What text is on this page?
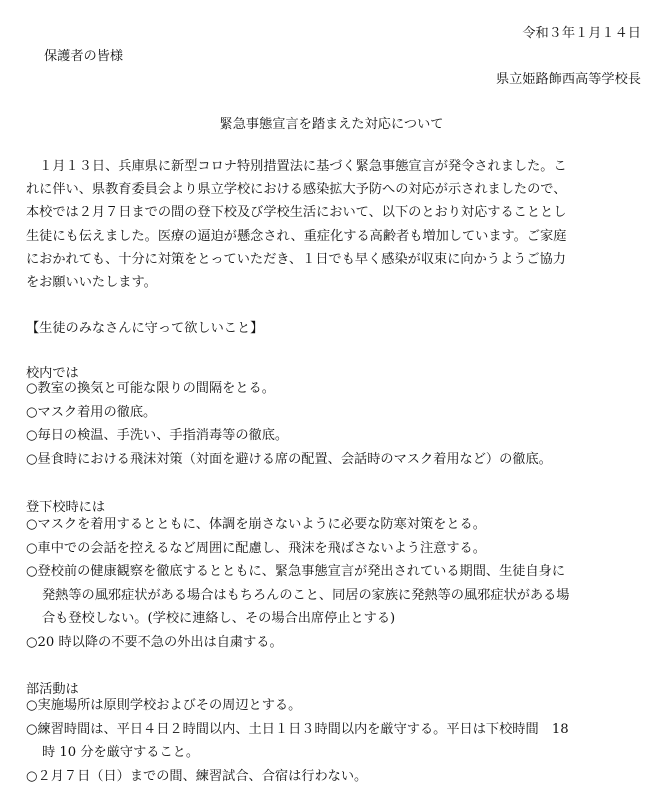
令和３年１月１４日
保護者の皆様
県立姫路飾西高等学校長
緊急事態宣言を踏まえた対応について
　１月１３日、兵庫県に新型コロナ特別措置法に基づく緊急事態宣言が発令されました。こ
れに伴い、県教育委員会より県立学校における感染拡大予防への対応が示されましたので、
本校では２月７日までの間の登下校及び学校生活において、以下のとおり対応することとし
生徒にも伝えました。医療の逼迫が懸念され、重症化する高齢者も増加しています。ご家庭
におかれても、十分に対策をとっていただき、１日でも早く感染が収束に向かうようご協力
をお願いいたします。
【生徒のみなさんに守って欲しいこと】
校内では
○教室の換気と可能な限りの間隔をとる。
○マスク着用の徹底。
○毎日の検温、手洗い、手指消毒等の徹底。
○昼食時における飛沫対策（対面を避ける席の配置、会話時のマスク着用など）の徹底。
登下校時には
○マスクを着用するとともに、体調を崩さないように必要な防寒対策をとる。
○車中での会話を控えるなど周囲に配慮し、飛沫を飛ばさないよう注意する。
○登校前の健康観察を徹底するとともに、緊急事態宣言が発出されている期間、生徒自身に
発熱等の風邪症状がある場合はもちろんのこと、同居の家族に発熱等の風邪症状がある場
合も登校しない。(学校に連絡し、その場合出席停止とする)
○20 時以降の不要不急の外出は自粛する。
部活動は
○実施場所は原則学校およびその周辺とする。
○練習時間は、平日４日２時間以内、土日１日３時間以内を厳守する。平日は下校時間　18
時 10 分を厳守すること。
○２月７日（日）までの間、練習試合、合宿は行わない。
